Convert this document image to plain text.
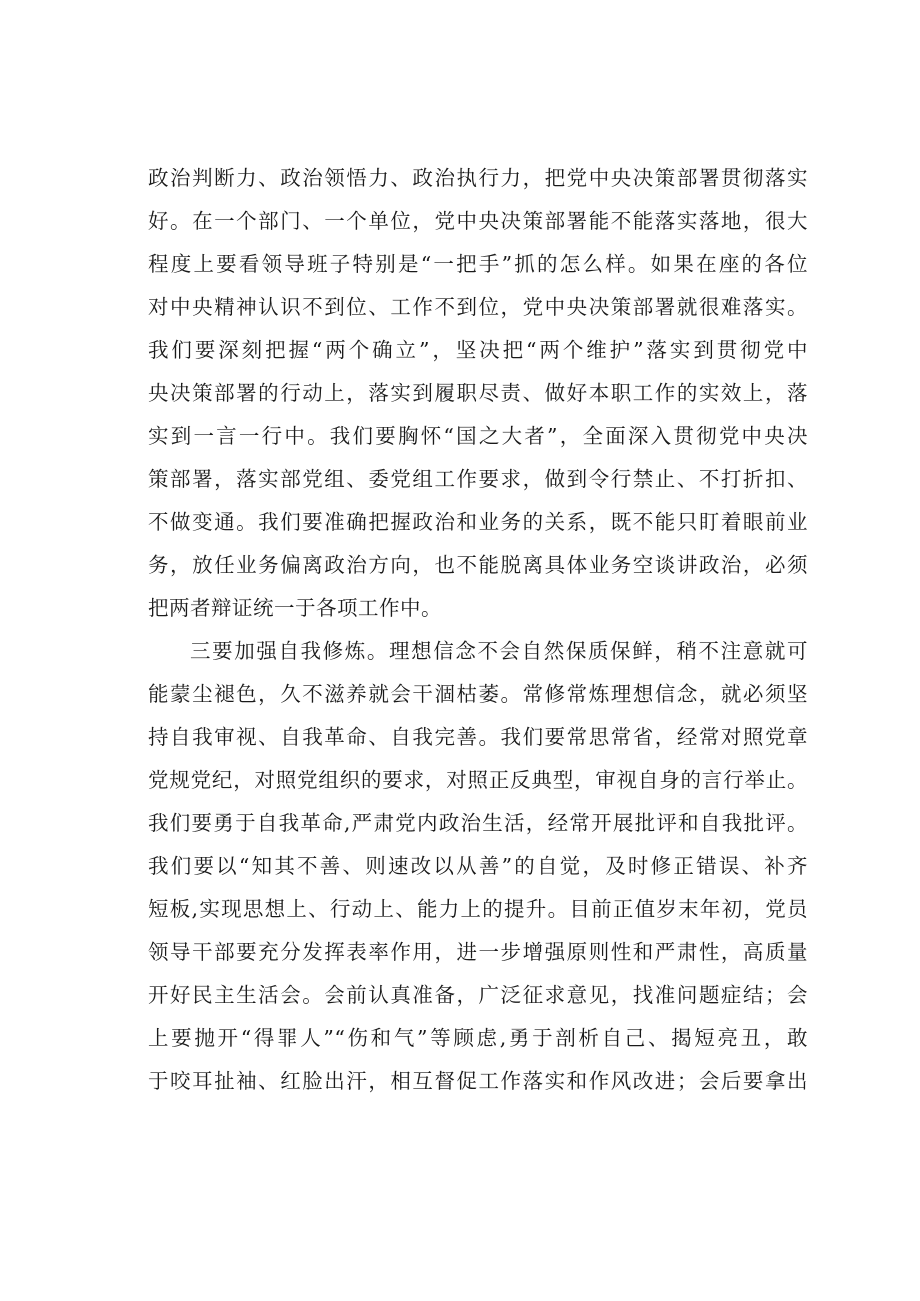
政治判断力、政治领悟力、政治执行力，把党中央决策部署贯彻落实
好。在一个部门、一个单位，党中央决策部署能不能落实落地，很大
程度上要看领导班子特别是“一把手”抓的怎么样。如果在座的各位
对中央精神认识不到位、工作不到位，党中央决策部署就很难落实。
我们要深刻把握“两个确立”，坚决把“两个维护”落实到贯彻党中
央决策部署的行动上，落实到履职尽责、做好本职工作的实效上，落
实到一言一行中。我们要胸怀“国之大者”，全面深入贯彻党中央决
策部署，落实部党组、委党组工作要求，做到令行禁止、不打折扣、
不做变通。我们要准确把握政治和业务的关系，既不能只盯着眼前业
务，放任业务偏离政治方向，也不能脱离具体业务空谈讲政治，必须
把两者辩证统一于各项工作中。
三要加强自我修炼。理想信念不会自然保质保鲜，稍不注意就可
能蒙尘褪色，久不滋养就会干涸枯萎。常修常炼理想信念，就必须坚
持自我审视、自我革命、自我完善。我们要常思常省，经常对照党章
党规党纪，对照党组织的要求，对照正反典型，审视自身的言行举止。
我们要勇于自我革命,严肃党内政治生活，经常开展批评和自我批评。
我们要以“知其不善、则速改以从善”的自觉，及时修正错误、补齐
短板,实现思想上、行动上、能力上的提升。目前正值岁末年初，党员
领导干部要充分发挥表率作用，进一步增强原则性和严肃性，高质量
开好民主生活会。会前认真准备，广泛征求意见，找准问题症结；会
上要抛开“得罪人”“伤和气”等顾虑,勇于剖析自己、揭短亮丑，敢
于咬耳扯袖、红脸出汗，相互督促工作落实和作风改进；会后要拿出
